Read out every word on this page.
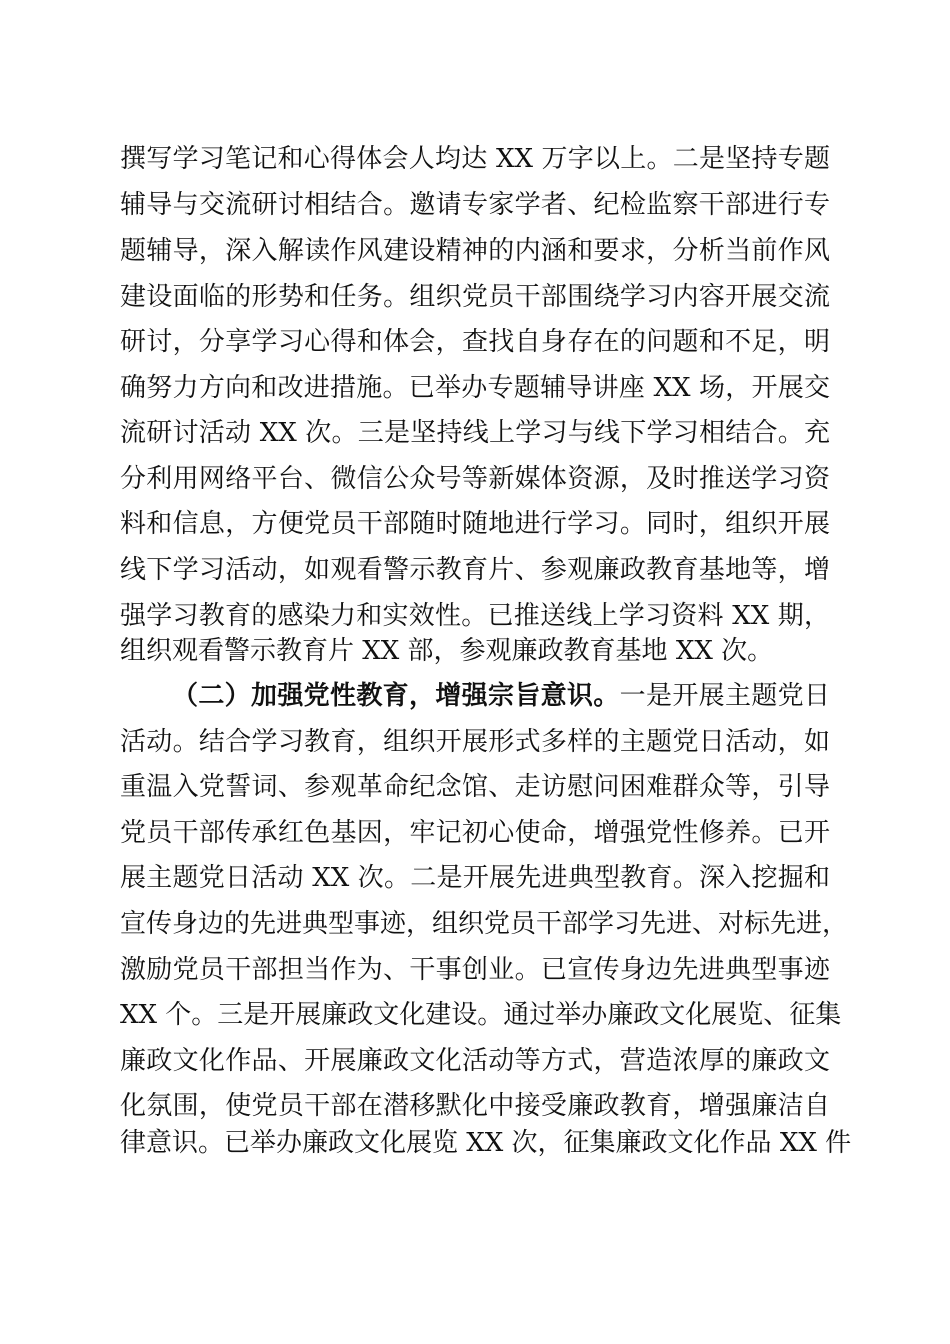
撰写学习笔记和心得体会人均达 XX 万字以上。二是坚持专题
辅导与交流研讨相结合。邀请专家学者、纪检监察干部进行专
题辅导，深入解读作风建设精神的内涵和要求，分析当前作风
建设面临的形势和任务。组织党员干部围绕学习内容开展交流
研讨，分享学习心得和体会，查找自身存在的问题和不足，明
确努力方向和改进措施。已举办专题辅导讲座 XX 场，开展交
流研讨活动 XX 次。三是坚持线上学习与线下学习相结合。充
分利用网络平台、微信公众号等新媒体资源，及时推送学习资
料和信息，方便党员干部随时随地进行学习。同时，组织开展
线下学习活动，如观看警示教育片、参观廉政教育基地等，增
强学习教育的感染力和实效性。已推送线上学习资料 XX 期，
组织观看警示教育片 XX 部，参观廉政教育基地 XX 次。
（二）加强党性教育，增强宗旨意识。一是开展主题党日
活动。结合学习教育，组织开展形式多样的主题党日活动，如
重温入党誓词、参观革命纪念馆、走访慰问困难群众等，引导
党员干部传承红色基因，牢记初心使命，增强党性修养。已开
展主题党日活动 XX 次。二是开展先进典型教育。深入挖掘和
宣传身边的先进典型事迹，组织党员干部学习先进、对标先进，
激励党员干部担当作为、干事创业。已宣传身边先进典型事迹
XX 个。三是开展廉政文化建设。通过举办廉政文化展览、征集
廉政文化作品、开展廉政文化活动等方式，营造浓厚的廉政文
化氛围，使党员干部在潜移默化中接受廉政教育，增强廉洁自
律意识。已举办廉政文化展览 XX 次，征集廉政文化作品 XX 件
